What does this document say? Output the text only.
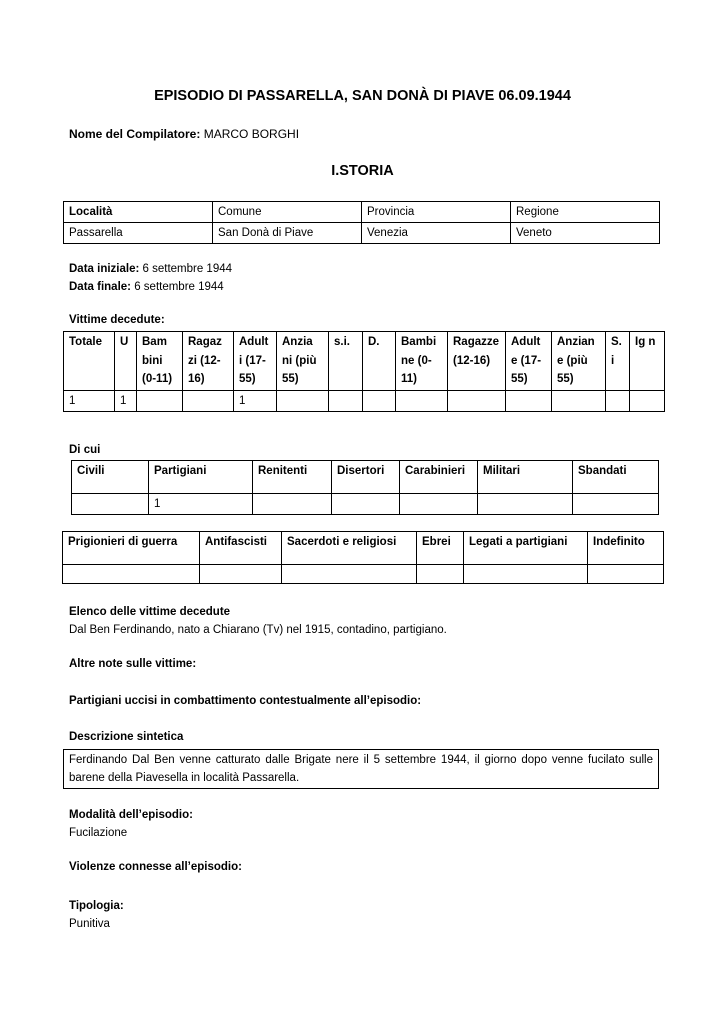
EPISODIO DI PASSARELLA, SAN DONÀ DI PIAVE 06.09.1944
Nome del Compilatore: MARCO BORGHI
I.STORIA
Località	Comune	Provincia	Regione
Passarella	San Donà di Piave	Venezia	Veneto
Data iniziale: 6 settembre 1944
Data finale: 6 settembre 1944
Vittime decedute:
Totale	U	Bam bini (0-11)	Ragaz zi (12-16)	Adult i (17-55)	Anzia ni (più 55)	s.i.	D.	Bambi ne (0-11)	Ragazze (12-16)	Adult e (17-55)	Anzian e (più 55)	S. i	Ig n
1	1			1									
Di cui
Civili	Partigiani	Renitenti	Disertori	Carabinieri	Militari	Sbandati
	1					
Prigionieri di guerra	Antifascisti	Sacerdoti e religiosi	Ebrei	Legati a partigiani	Indefinito

Elenco delle vittime decedute
Dal Ben Ferdinando, nato a Chiarano (Tv) nel 1915, contadino, partigiano.
Altre note sulle vittime:
Partigiani uccisi in combattimento contestualmente all’episodio:
Descrizione sintetica
Ferdinando Dal Ben venne catturato dalle Brigate nere il 5 settembre 1944, il giorno dopo venne fucilato sulle barene della Piavesella in località Passarella.
Modalità dell’episodio:
Fucilazione
Violenze connesse all’episodio:
Tipologia:
Punitiva
